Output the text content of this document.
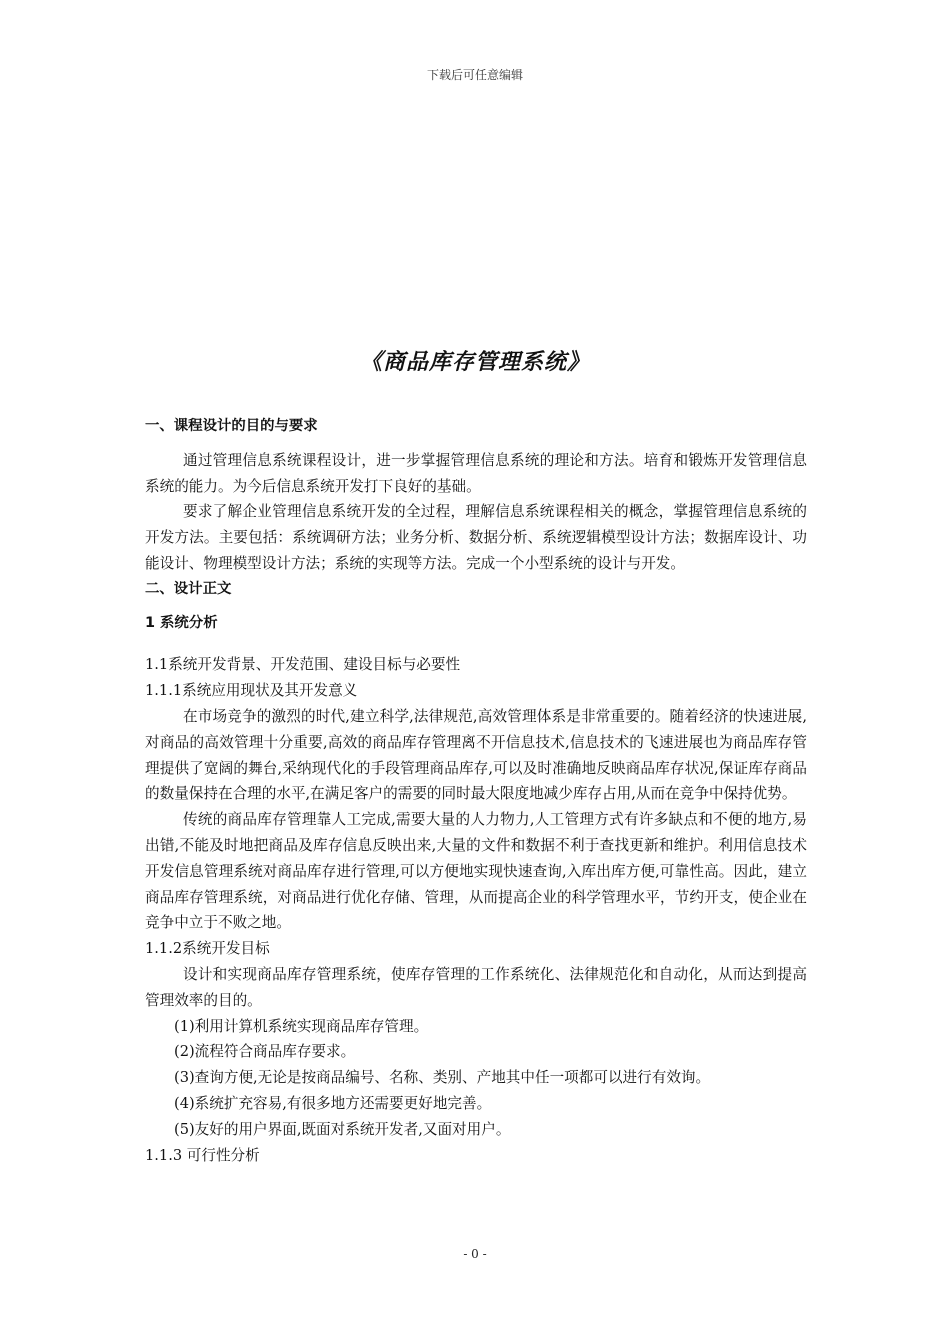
下载后可任意编辑
《商品库存管理系统》
一、课程设计的目的与要求
通过管理信息系统课程设计，进一步掌握管理信息系统的理论和方法。培育和锻炼开发管理信息系统的能力。为今后信息系统开发打下良好的基础。
要求了解企业管理信息系统开发的全过程，理解信息系统课程相关的概念，掌握管理信息系统的开发方法。主要包括：系统调研方法；业务分析、数据分析、系统逻辑模型设计方法；数据库设计、功能设计、物理模型设计方法；系统的实现等方法。完成一个小型系统的设计与开发。
二、设计正文
1 系统分析
1.1系统开发背景、开发范围、建设目标与必要性
1.1.1系统应用现状及其开发意义
在市场竞争的激烈的时代,建立科学,法律规范,高效管理体系是非常重要的。随着经济的快速进展,对商品的高效管理十分重要,高效的商品库存管理离不开信息技术,信息技术的飞速进展也为商品库存管理提供了宽阔的舞台,采纳现代化的手段管理商品库存,可以及时准确地反映商品库存状况,保证库存商品的数量保持在合理的水平,在满足客户的需要的同时最大限度地减少库存占用,从而在竞争中保持优势。
传统的商品库存管理靠人工完成,需要大量的人力物力,人工管理方式有许多缺点和不便的地方,易出错,不能及时地把商品及库存信息反映出来,大量的文件和数据不利于查找更新和维护。利用信息技术开发信息管理系统对商品库存进行管理,可以方便地实现快速查询,入库出库方便,可靠性高。因此，建立商品库存管理系统，对商品进行优化存储、管理，从而提高企业的科学管理水平，节约开支，使企业在竞争中立于不败之地。
1.1.2系统开发目标
设计和实现商品库存管理系统，使库存管理的工作系统化、法律规范化和自动化，从而达到提高管理效率的目的。
(1)利用计算机系统实现商品库存管理。
(2)流程符合商品库存要求。
(3)查询方便,无论是按商品编号、名称、类别、产地其中任一项都可以进行有效询。
(4)系统扩充容易,有很多地方还需要更好地完善。
(5)友好的用户界面,既面对系统开发者,又面对用户。
1.1.3 可行性分析
- 0 -
